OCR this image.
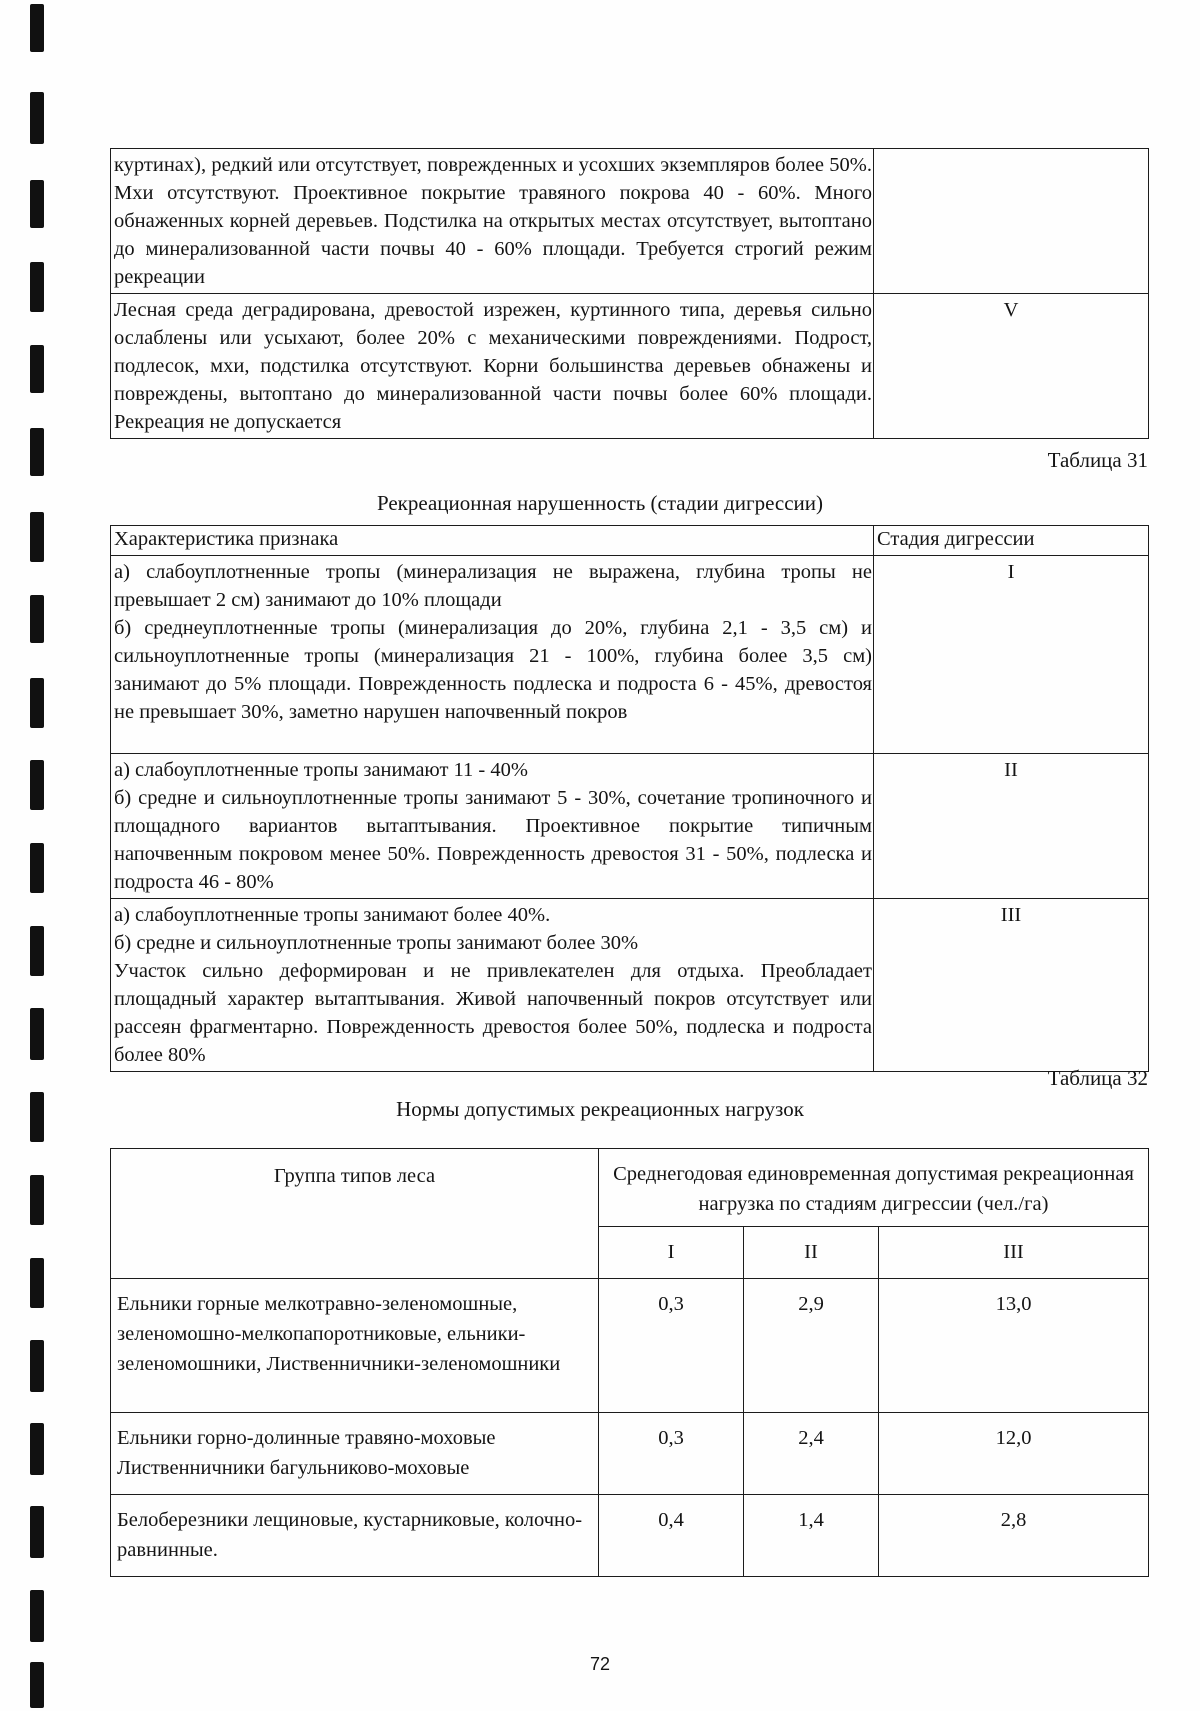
куртинах), редкий или отсутствует, поврежденных и усохших экземпляров более 50%. Мхи отсутствуют. Проективное покрытие травяного покрова 40 - 60%. Много обнаженных корней деревьев. Подстилка на открытых местах отсутствует, вытоптано до минерализованной части почвы 40 - 60% площади. Требуется строгий режим рекреации	

Лесная среда деградирована, древостой изрежен, куртинного типа, деревья сильно ослаблены или усыхают, более 20% с механическими повреждениями. Подрост, подлесок, мхи, подстилка отсутствуют. Корни большинства деревьев обнажены и повреждены, вытоптано до минерализованной части почвы более 60% площади. Рекреация не допускается	V
Таблица 31
Рекреационная нарушенность (стадии дигрессии)
Характеристика признака	Стадия дигрессии

а) слабоуплотненные тропы (минерализация не выражена, глубина тропы не превышает 2 см) занимают до 10% площади

б) среднеуплотненные тропы (минерализация до 20%, глубина 2,1 - 3,5 см) и сильноуплотненные тропы (минерализация 21 - 100%, глубина более 3,5 см) занимают до 5% площади. Поврежденность подлеска и подроста 6 - 45%, древостоя не превышает 30%, заметно нарушен напочвенный покров	I

а) слабоуплотненные тропы занимают 11 - 40%

б) средне и сильноуплотненные тропы занимают 5 - 30%, сочетание тропиночного и площадного вариантов вытаптывания. Проективное покрытие типичным напочвенным покровом менее 50%. Поврежденность древостоя 31 - 50%, подлеска и подроста 46 - 80%	II

а) слабоуплотненные тропы занимают более 40%.

б) средне и сильноуплотненные тропы занимают более 30%

Участок сильно деформирован и не привлекателен для отдыха. Преобладает площадный характер вытаптывания. Живой напочвенный покров отсутствует или рассеян фрагментарно. Поврежденность древостоя более 50%, подлеска и подроста более 80%	III
Таблица 32
Нормы допустимых рекреационных нагрузок
Группа типов леса	Среднегодовая единовременная допустимая рекреационная нагрузка по стадиям дигрессии (чел./га)		
	I	II	III
Ельники горные мелкотравно-зеленомошные, зеленомошно-мелкопапоротниковые, ельники-зеленомошники, Лиственничники-зеленомошники	0,3	2,9	13,0
Ельники горно-долинные травяно-моховые Лиственничники багульниково-моховые	0,3	2,4	12,0
Белоберезники лещиновые, кустарниковые, колочно-равнинные.	0,4	1,4	2,8
72
